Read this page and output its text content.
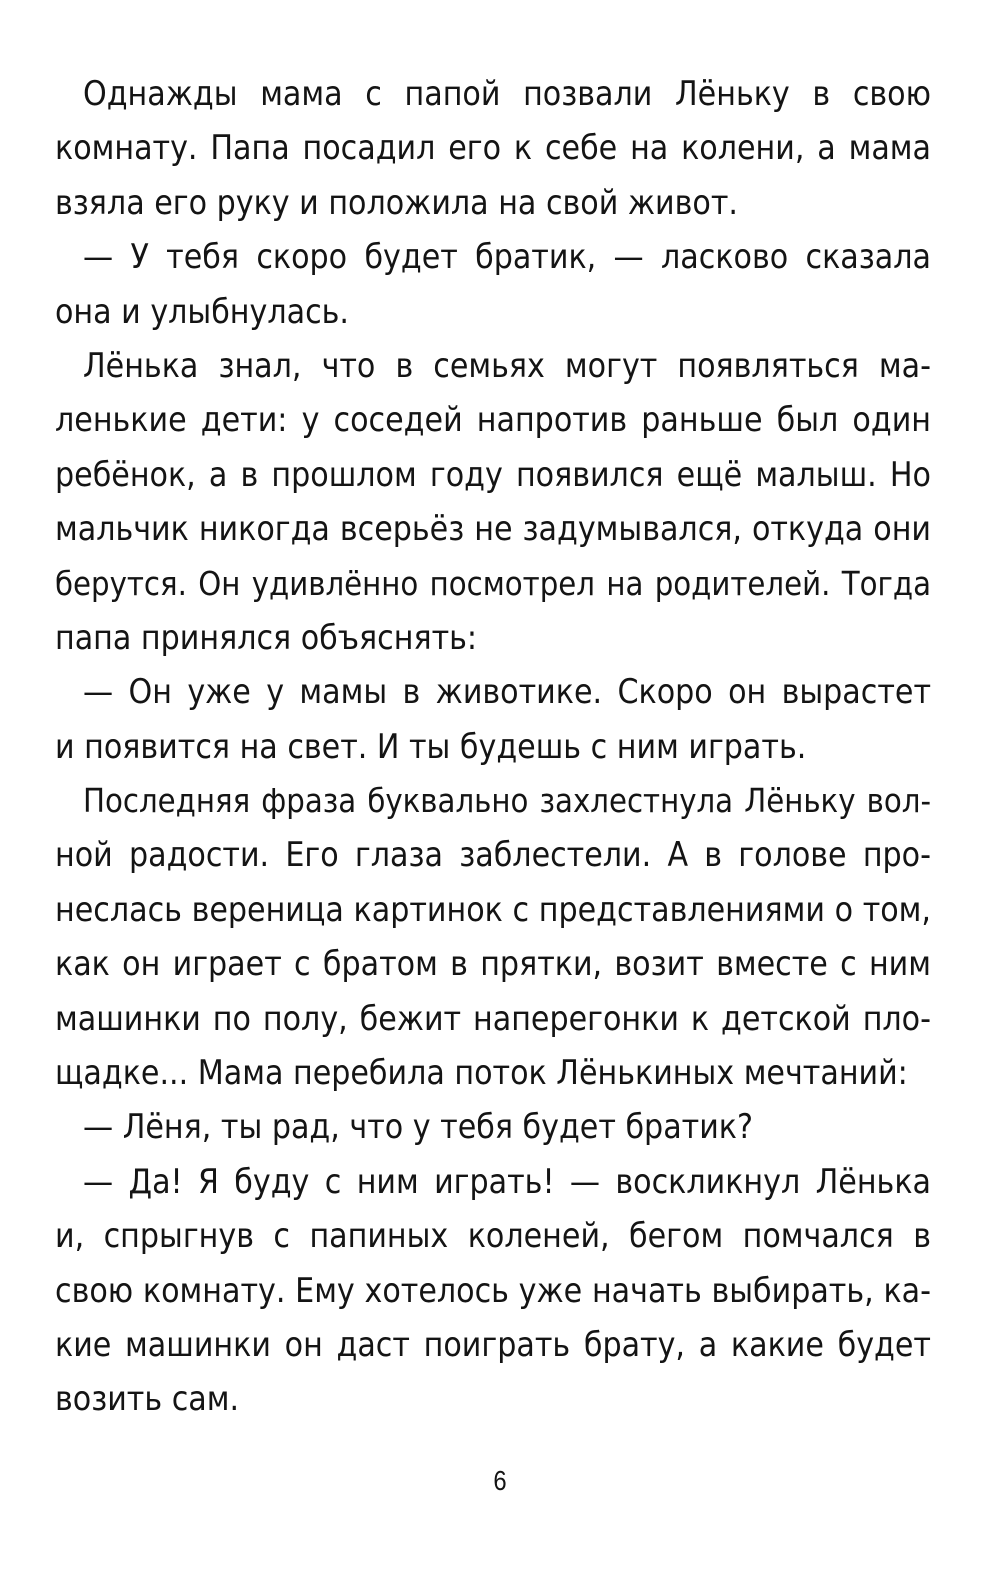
Однажды мама с папой позвали Лёньку в свою
комнату. Папа посадил его к себе на колени, а мама
взяла его руку и положила на свой живот.
— У тебя скоро будет братик, — ласково сказала
она и улыбнулась.
Лёнька знал, что в семьях могут появляться ма-
ленькие дети: у соседей напротив раньше был один
ребёнок, а в прошлом году появился ещё малыш. Но
мальчик никогда всерьёз не задумывался, откуда они
берутся. Он удивлённо посмотрел на родителей. Тогда
папа принялся объяснять:
— Он уже у мамы в животике. Скоро он вырастет
и появится на свет. И ты будешь с ним играть.
Последняя фраза буквально захлестнула Лёньку вол-
ной радости. Его глаза заблестели. А в голове про-
неслась вереница картинок с представлениями о том,
как он играет с братом в прятки, возит вместе с ним
машинки по полу, бежит наперегонки к детской пло-
щадке... Мама перебила поток Лёнькиных мечтаний:
— Лёня, ты рад, что у тебя будет братик?
— Да! Я буду с ним играть! — воскликнул Лёнька
и, спрыгнув с папиных коленей, бегом помчался в
свою комнату. Ему хотелось уже начать выбирать, ка-
кие машинки он даст поиграть брату, а какие будет
возить сам.
6
